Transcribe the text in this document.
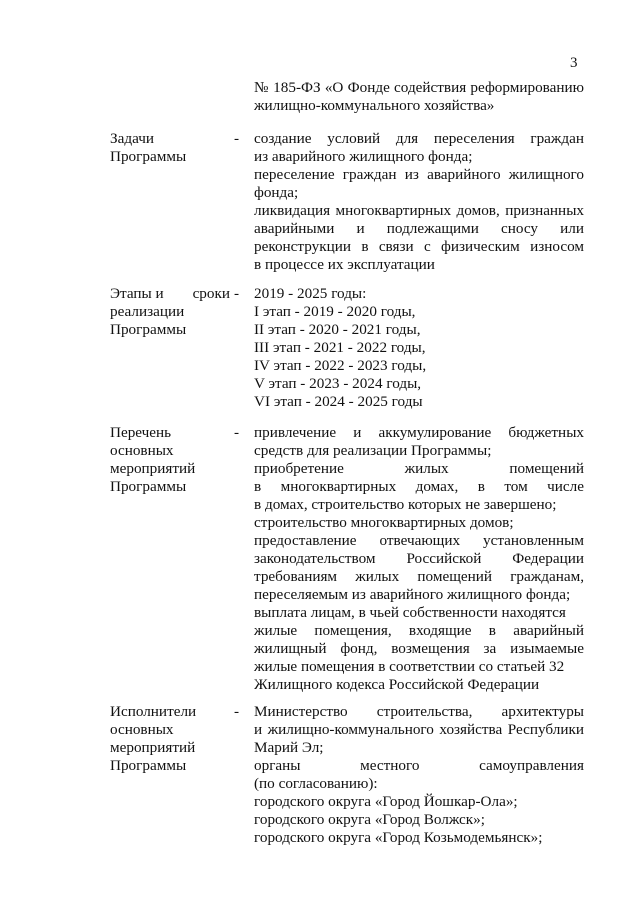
3
№ 185-ФЗ «О Фонде содействия реформированию
жилищно-коммунального хозяйства»
Задачи
Программы
- создание условий для переселения граждан
из аварийного жилищного фонда;
переселение граждан из аварийного жилищного
фонда;
ликвидация многоквартирных домов, признанных
аварийными и подлежащими сносу или
реконструкции в связи с физическим износом
в процессе их эксплуатации
Этапы и сроки
реализации
Программы
- 2019 - 2025 годы:
I этап - 2019 - 2020 годы,
II этап - 2020 - 2021 годы,
III этап - 2021 - 2022 годы,
IV этап - 2022 - 2023 годы,
V этап - 2023 - 2024 годы,
VI этап - 2024 - 2025 годы
Перечень
основных
мероприятий
Программы
- привлечение и аккумулирование бюджетных
средств для реализации Программы;
приобретение жилых помещений
в многоквартирных домах, в том числе
в домах, строительство которых не завершено;
строительство многоквартирных домов;
предоставление отвечающих установленным
законодательством Российской Федерации
требованиям жилых помещений гражданам,
переселяемым из аварийного жилищного фонда;
выплата лицам, в чьей собственности находятся
жилые помещения, входящие в аварийный
жилищный фонд, возмещения за изымаемые
жилые помещения в соответствии со статьей 32
Жилищного кодекса Российской Федерации
Исполнители
основных
мероприятий
Программы
- Министерство строительства, архитектуры
и жилищно-коммунального хозяйства Республики
Марий Эл;
органы местного самоуправления
(по согласованию):
городского округа «Город Йошкар-Ола»;
городского округа «Город Волжск»;
городского округа «Город Козьмодемьянск»;
